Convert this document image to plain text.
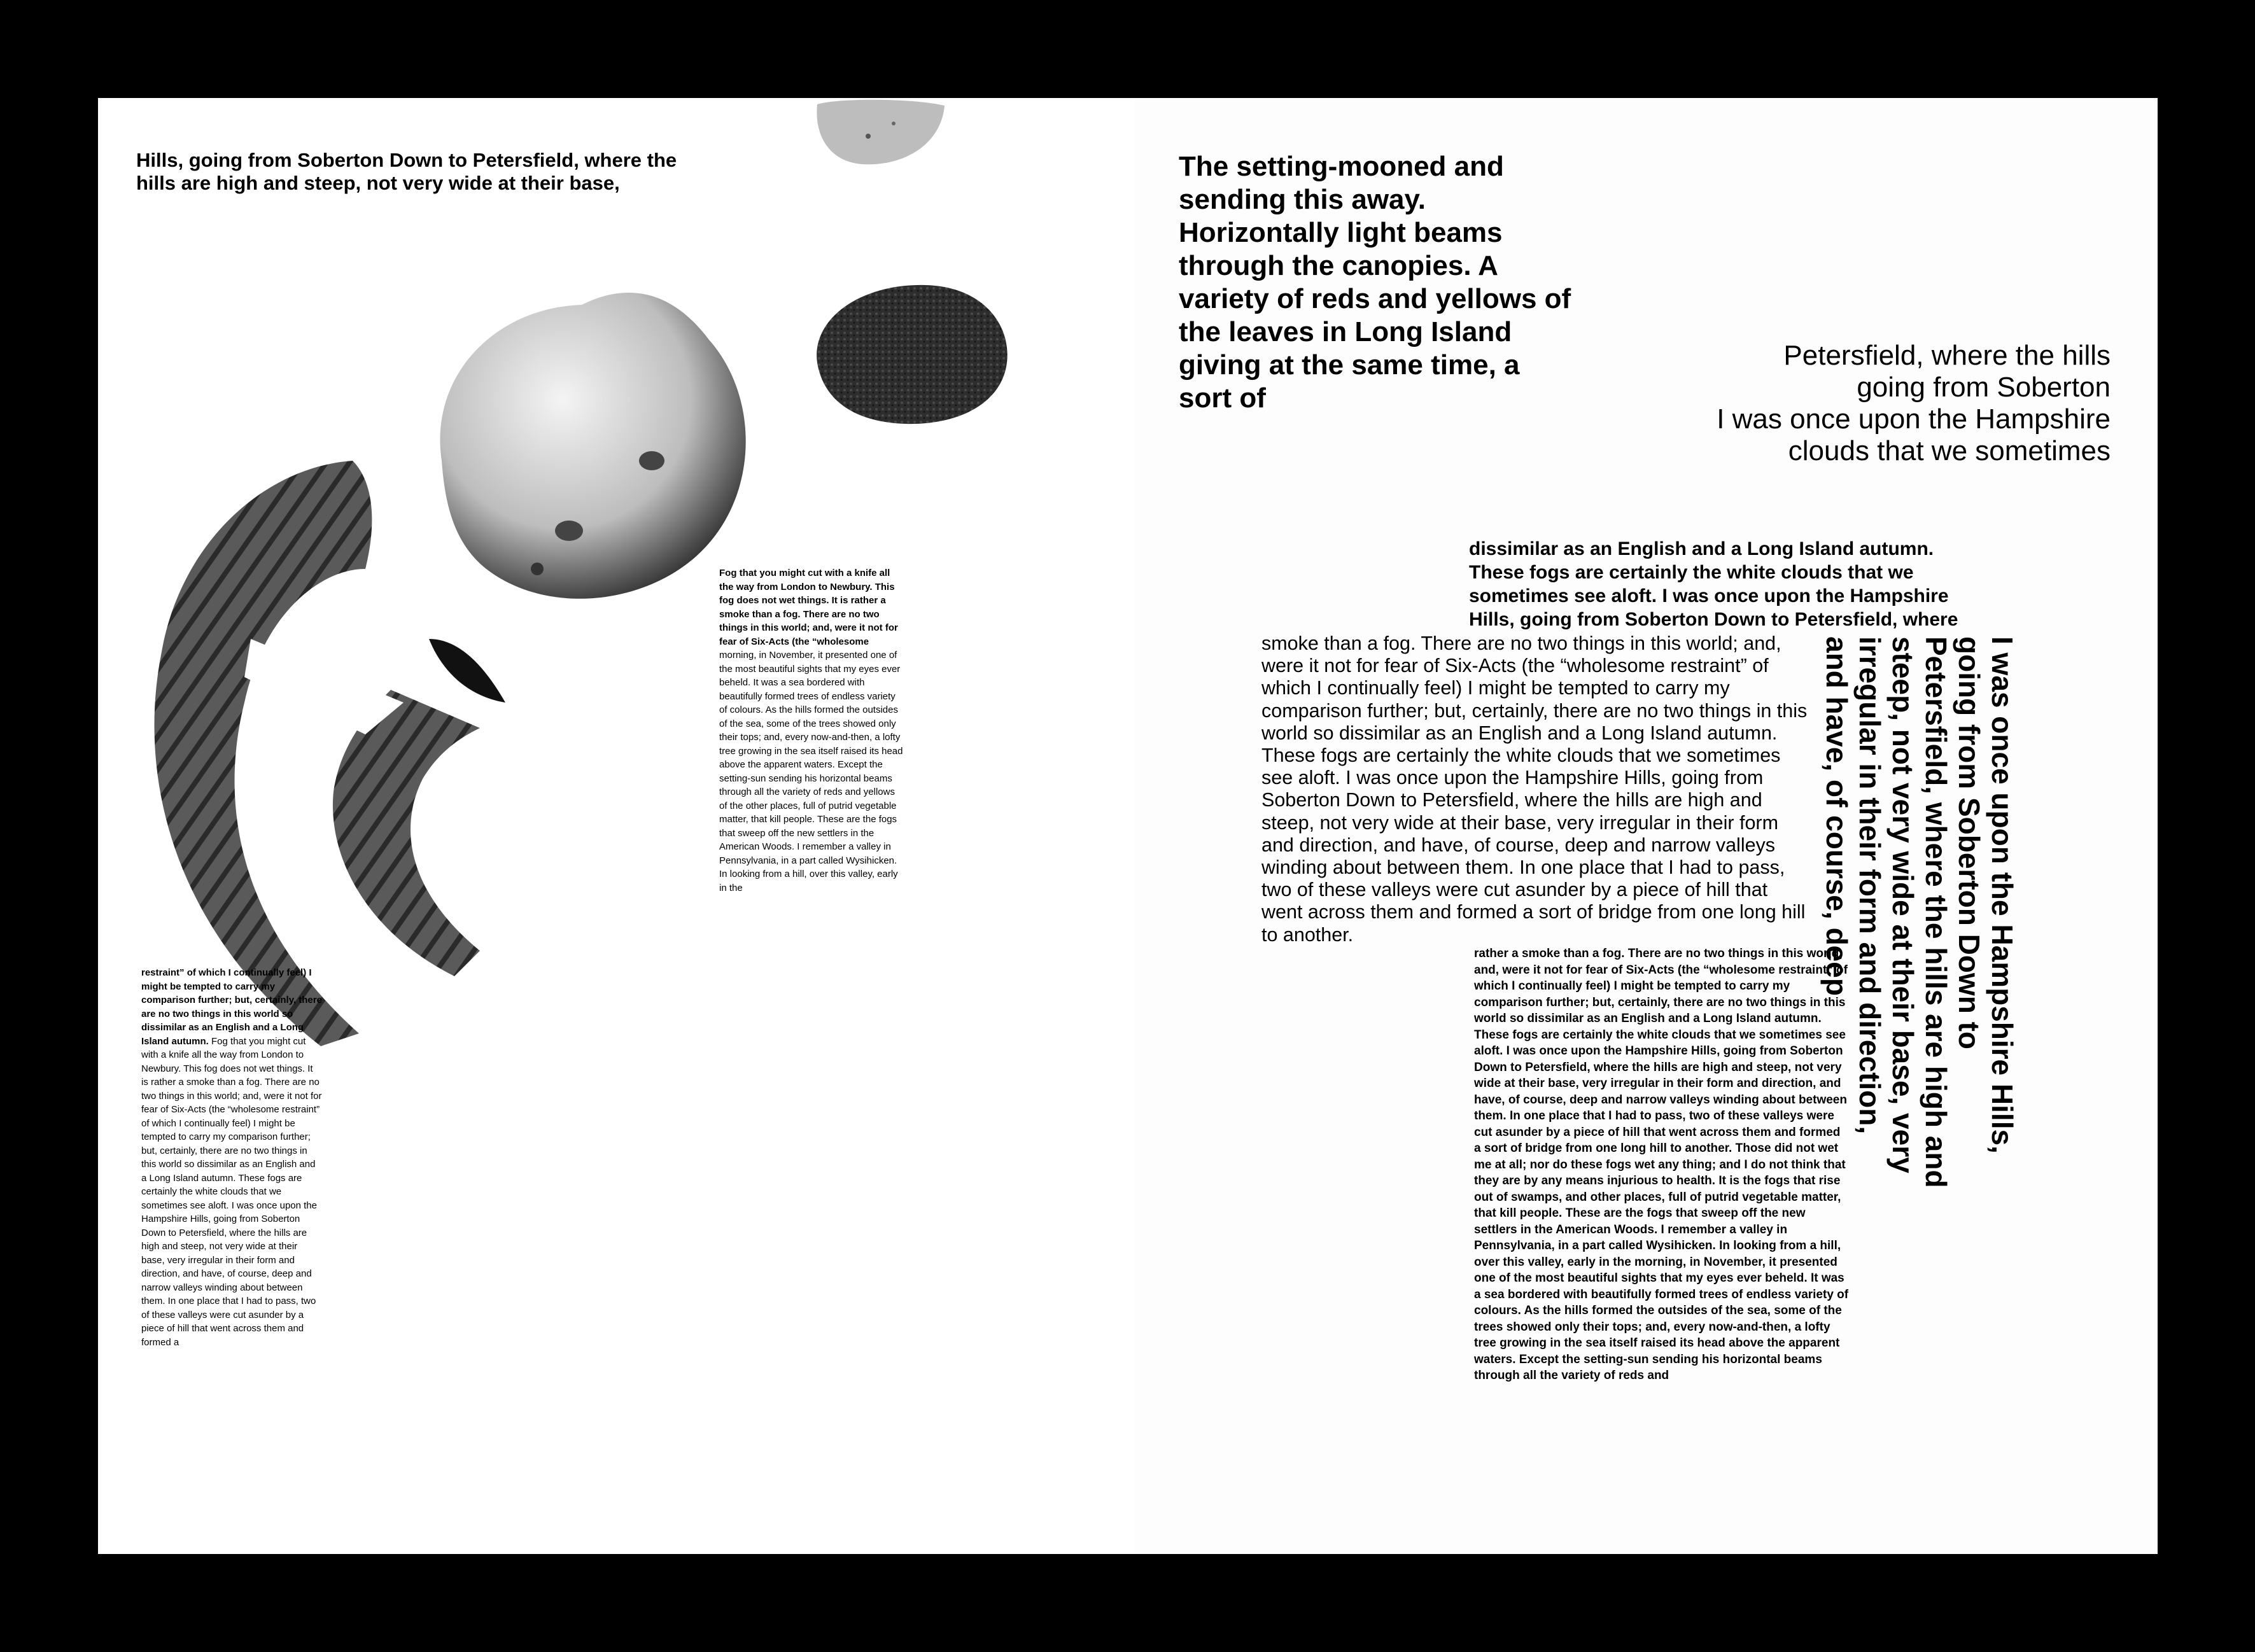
Hills, going from Soberton Down to Petersfield, where the hills are high and steep, not very wide at their base,

Fog that you might cut with a knife all the way from London to Newbury. This fog does not wet things. It is rather a smoke than a fog. There are no two things in this world; and, were it not for fear of Six-Acts (the “wholesome morning, in November, it presented one of the most beautiful sights that my eyes ever beheld. It was a sea bordered with beautifully formed trees of endless variety of colours. As the hills formed the outsides of the sea, some of the trees showed only their tops; and, every now-and-then, a lofty tree growing in the sea itself raised its head above the apparent waters. Except the setting-sun sending his horizontal beams through all the variety of reds and yellows of the other places, full of putrid vegetable matter, that kill people. These are the fogs that sweep off the new settlers in the American Woods. I remember a valley in Pennsylvania, in a part called Wysihicken. In looking from a hill, over this valley, early in the
restraint” of which I continually feel) I might be tempted to carry my comparison further; but, certainly, there are no two things in this world so dissimilar as an English and a Long Island autumn. Fog that you might cut with a knife all the way from London to Newbury. This fog does not wet things. It is rather a smoke than a fog. There are no two things in this world; and, were it not for fear of Six-Acts (the “wholesome restraint” of which I continually feel) I might be tempted to carry my comparison further; but, certainly, there are no two things in this world so dissimilar as an English and a Long Island autumn. These fogs are certainly the white clouds that we sometimes see aloft. I was once upon the Hampshire Hills, going from Soberton Down to Petersfield, where the hills are high and steep, not very wide at their base, very irregular in their form and direction, and have, of course, deep and narrow valleys winding about between them. In one place that I had to pass, two of these valleys were cut asunder by a piece of hill that went across them and formed a

The setting-mooned and sending this away. Horizontally light beams through the canopies. A variety of reds and yellows of the leaves in Long Island giving at the same time, a sort of

Petersfield, where the hills
going from Soberton
I was once upon the Hampshire
clouds that we sometimes

dissimilar as an English and a Long Island autumn. These fogs are certainly the white clouds that we sometimes see aloft. I was once upon the Hampshire Hills, going from Soberton Down to Petersfield, where

smoke than a fog. There are no two things in this world; and, were it not for fear of Six-Acts (the “wholesome restraint” of which I continually feel) I might be tempted to carry my comparison further; but, certainly, there are no two things in this world so dissimilar as an English and a Long Island autumn. These fogs are certainly the white clouds that we sometimes see aloft. I was once upon the Hampshire Hills, going from Soberton Down to Petersfield, where the hills are high and steep, not very wide at their base, very irregular in their form and direction, and have, of course, deep and narrow valleys winding about between them. In one place that I had to pass, two of these valleys were cut asunder by a piece of hill that went across them and formed a sort of bridge from one long hill to another.

rather a smoke than a fog. There are no two things in this world; and, were it not for fear of Six-Acts (the “wholesome restraint” of which I continually feel) I might be tempted to carry my comparison further; but, certainly, there are no two things in this world so dissimilar as an English and a Long Island autumn. These fogs are certainly the white clouds that we sometimes see aloft. I was once upon the Hampshire Hills, going from Soberton Down to Petersfield, where the hills are high and steep, not very wide at their base, very irregular in their form and direction, and have, of course, deep and narrow valleys winding about between them. In one place that I had to pass, two of these valleys were cut asunder by a piece of hill that went across them and formed a sort of bridge from one long hill to another. Those did not wet me at all; nor do these fogs wet any thing; and I do not think that they are by any means injurious to health. It is the fogs that rise out of swamps, and other places, full of putrid vegetable matter, that kill people. These are the fogs that sweep off the new settlers in the American Woods. I remember a valley in Pennsylvania, in a part called Wysihicken. In looking from a hill, over this valley, early in the morning, in November, it presented one of the most beautiful sights that my eyes ever beheld. It was a sea bordered with beautifully formed trees of endless variety of colours. As the hills formed the outsides of the sea, some of the trees showed only their tops; and, every now-and-then, a lofty tree growing in the sea itself raised its head above the apparent waters. Except the setting-sun sending his horizontal beams through all the variety of reds and

I was once upon the Hampshire Hills, going from Soberton Down to Petersfield, where the hills are high and steep, not very wide at their base, very irregular in their form and direction, and have, of course, deep
